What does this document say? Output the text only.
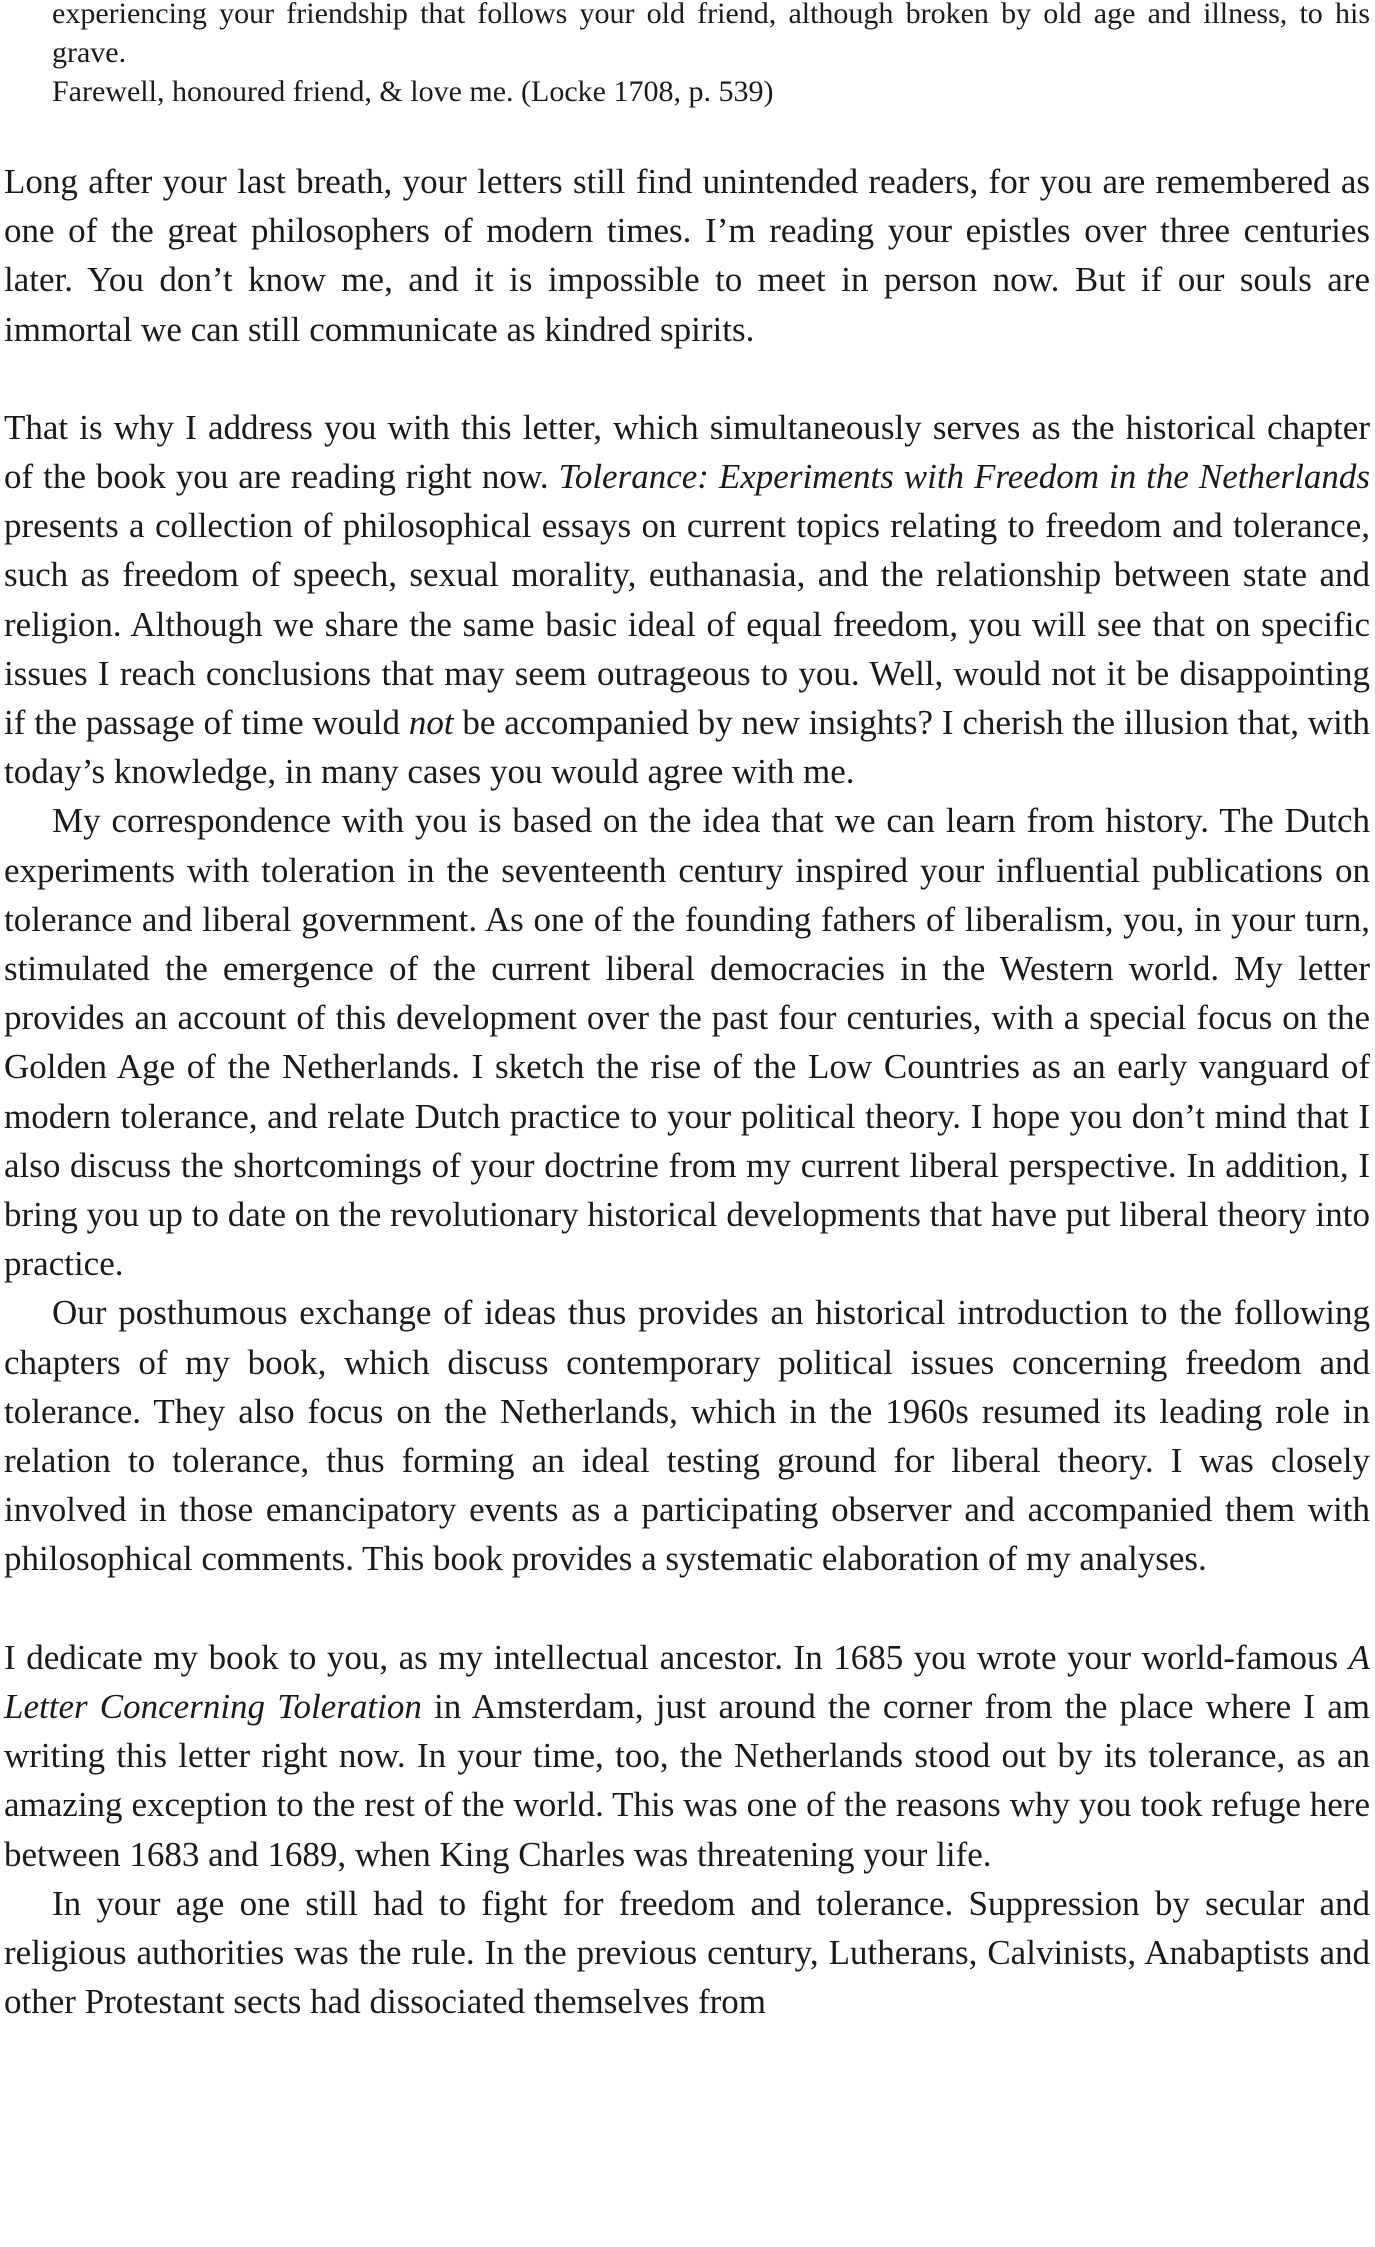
experiencing your friendship that follows your old friend, although broken by old age and illness, to his grave.

Farewell, honoured friend, & love me. (Locke 1708, p. 539)

Long after your last breath, your letters still find unintended readers, for you are remembered as one of the great philosophers of modern times. I’m reading your epistles over three centuries later. You don’t know me, and it is impossible to meet in person now. But if our souls are immortal we can still communicate as kindred spirits.

That is why I address you with this letter, which simultaneously serves as the historical chapter of the book you are reading right now. Tolerance: Experiments with Freedom in the Netherlands presents a collection of philosophical essays on current topics relating to freedom and tolerance, such as freedom of speech, sexual morality, euthanasia, and the relationship between state and religion. Although we share the same basic ideal of equal freedom, you will see that on specific issues I reach conclusions that may seem outrageous to you. Well, would not it be disappointing if the passage of time would not be accompanied by new insights? I cherish the illusion that, with today’s knowledge, in many cases you would agree with me.

My correspondence with you is based on the idea that we can learn from history. The Dutch experiments with toleration in the seventeenth century inspired your influential publications on tolerance and liberal government. As one of the founding fathers of liberalism, you, in your turn, stimulated the emergence of the current liberal democracies in the Western world. My letter provides an account of this development over the past four centuries, with a special focus on the Golden Age of the Netherlands. I sketch the rise of the Low Countries as an early vanguard of modern tolerance, and relate Dutch practice to your political theory. I hope you don’t mind that I also discuss the shortcomings of your doctrine from my current liberal perspective. In addition, I bring you up to date on the revolutionary historical developments that have put liberal theory into practice.

Our posthumous exchange of ideas thus provides an historical introduction to the following chapters of my book, which discuss contemporary political issues concerning freedom and tolerance. They also focus on the Netherlands, which in the 1960s resumed its leading role in relation to tolerance, thus forming an ideal testing ground for liberal theory. I was closely involved in those emancipatory events as a participating observer and accompanied them with philosophical comments. This book provides a systematic elaboration of my analyses.

I dedicate my book to you, as my intellectual ancestor. In 1685 you wrote your world-famous A Letter Concerning Toleration in Amsterdam, just around the corner from the place where I am writing this letter right now. In your time, too, the Netherlands stood out by its tolerance, as an amazing exception to the rest of the world. This was one of the reasons why you took refuge here between 1683 and 1689, when King Charles was threatening your life.

In your age one still had to fight for freedom and tolerance. Suppression by secular and religious authorities was the rule. In the previous century, Lutherans, Calvinists, Anabaptists and other Protestant sects had dissociated themselves from
